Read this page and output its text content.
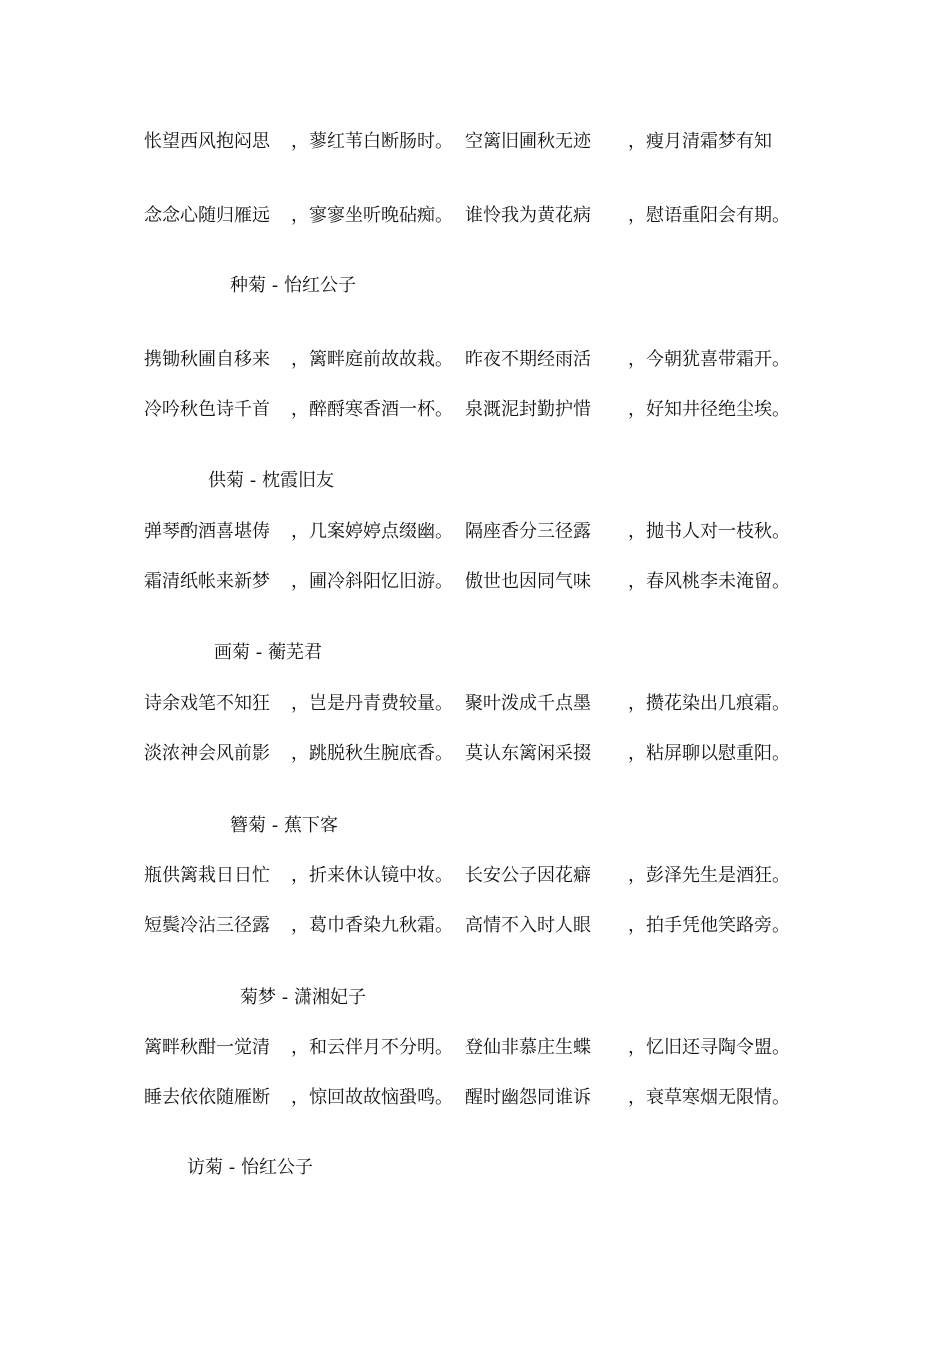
怅望西风抱闷思 ，蓼红苇白断肠时。 空篱旧圃秋无迹 ，瘦月清霜梦有知
念念心随归雁远 ，寥寥坐听晚砧痴。 谁怜我为黄花病 ，慰语重阳会有期。
种菊 - 怡红公子
携锄秋圃自移来 ，篱畔庭前故故栽。 昨夜不期经雨活 ，今朝犹喜带霜开。
冷吟秋色诗千首 ，醉酹寒香酒一杯。 泉溉泥封勤护惜 ，好知井径绝尘埃。
供菊 - 枕霞旧友
弹琴酌酒喜堪俦 ，几案婷婷点缀幽。 隔座香分三径露 ，抛书人对一枝秋。
霜清纸帐来新梦 ，圃冷斜阳忆旧游。 傲世也因同气味 ，春风桃李未淹留。
画菊 - 蘅芜君
诗余戏笔不知狂 ，岂是丹青费较量。 聚叶泼成千点墨 ，攒花染出几痕霜。
淡浓神会风前影 ，跳脱秋生腕底香。 莫认东篱闲采掇 ，粘屏聊以慰重阳。
簪菊 - 蕉下客
瓶供篱栽日日忙 ，折来休认镜中妆。 长安公子因花癖 ，彭泽先生是酒狂。
短鬓冷沾三径露 ，葛巾香染九秋霜。 高情不入时人眼 ，拍手凭他笑路旁。
菊梦 - 潇湘妃子
篱畔秋酣一觉清 ，和云伴月不分明。 登仙非慕庄生蝶 ，忆旧还寻陶令盟。
睡去依依随雁断 ，惊回故故恼蛩鸣。 醒时幽怨同谁诉 ，衰草寒烟无限情。
访菊 - 怡红公子
